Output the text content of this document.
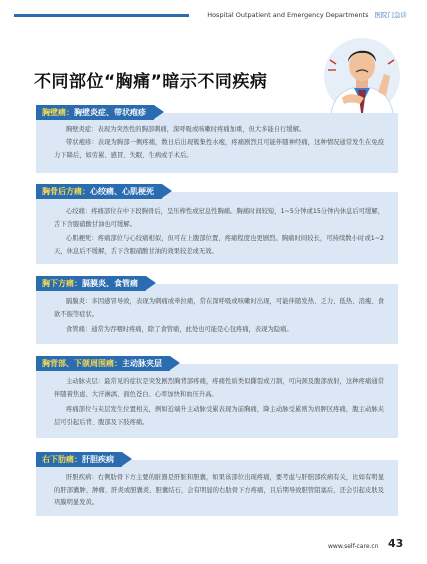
Hospital Outpatient and Emergency Departments 医院门急诊
不同部位“胸痛”暗示不同疾病
胸壁痛：胸壁炎症、带状疱疹
胸壁炎症：表现为突然性的胸部刺痛，深呼吸或咳嗽时疼痛加重，但大多能自行缓解。
带状疱疹：表现为胸部一侧疼痛，数日后出现簇集性水疱，疼痛剧烈且可能伴随神经痛，这种情况通常发生在免疫力下降后，如劳累、感冒、失眠、生病或手术后。
胸骨后方痛：心绞痛、心肌梗死
心绞痛：疼痛部位在中下段胸骨后，呈压榨性或窒息性胸痛。胸痛时间较短，1~5分钟或15分钟内休息后可缓解，舌下含服硝酸甘油也可缓解。
心肌梗死：疼痛部位与心绞痛相似，但可在上腹部位置，疼痛程度也更剧烈。胸痛时间较长，可持续数小时或1~2天，休息后不缓解，舌下含服硝酸甘油的效果较差或无效。
胸下方痛：膈膜炎、食管痛
膈膜炎：多因感冒导致，表现为刺痛或牵拉痛，常在深呼吸或咳嗽时出现，可能伴随发热、乏力、低热、消瘦、食欲不振等症状。
食管痛：通常为吞咽时疼痛，除了食管痛，此处也可能是心包疼痛，表现为隐痛。
胸背部、下颌周围痛：主动脉夹层
主动脉夹层：最常见的症状是突发剧烈胸背部疼痛，疼痛性质类似撕裂或刀割，可向颈及腹部放射，这种疼痛通常伴随着焦虑、大汗淋漓、面色苍白、心率加快和血压升高。
疼痛部位与夹层发生位置相关，例如近端升主动脉受累表现为前胸痛，降主动脉受累则为肩胛区疼痛，腹主动脉夹层可引起后背、腹部及下肢疼痛。
右下肋痛：肝胆疾病
肝胆疾病：右侧肋骨下方主要的脏器是肝脏和胆囊，如果该部位出现疼痛，要考虑与肝胆部疾病有关，比如有明显的肝部囊肿、肿瘤、肝炎或胆囊炎、胆囊结石，会有明显的右肋骨下方疼痛，且后期导致胆管阻塞后，还会引起皮肤及巩膜明显发黄。
www.self-care.cn 43
